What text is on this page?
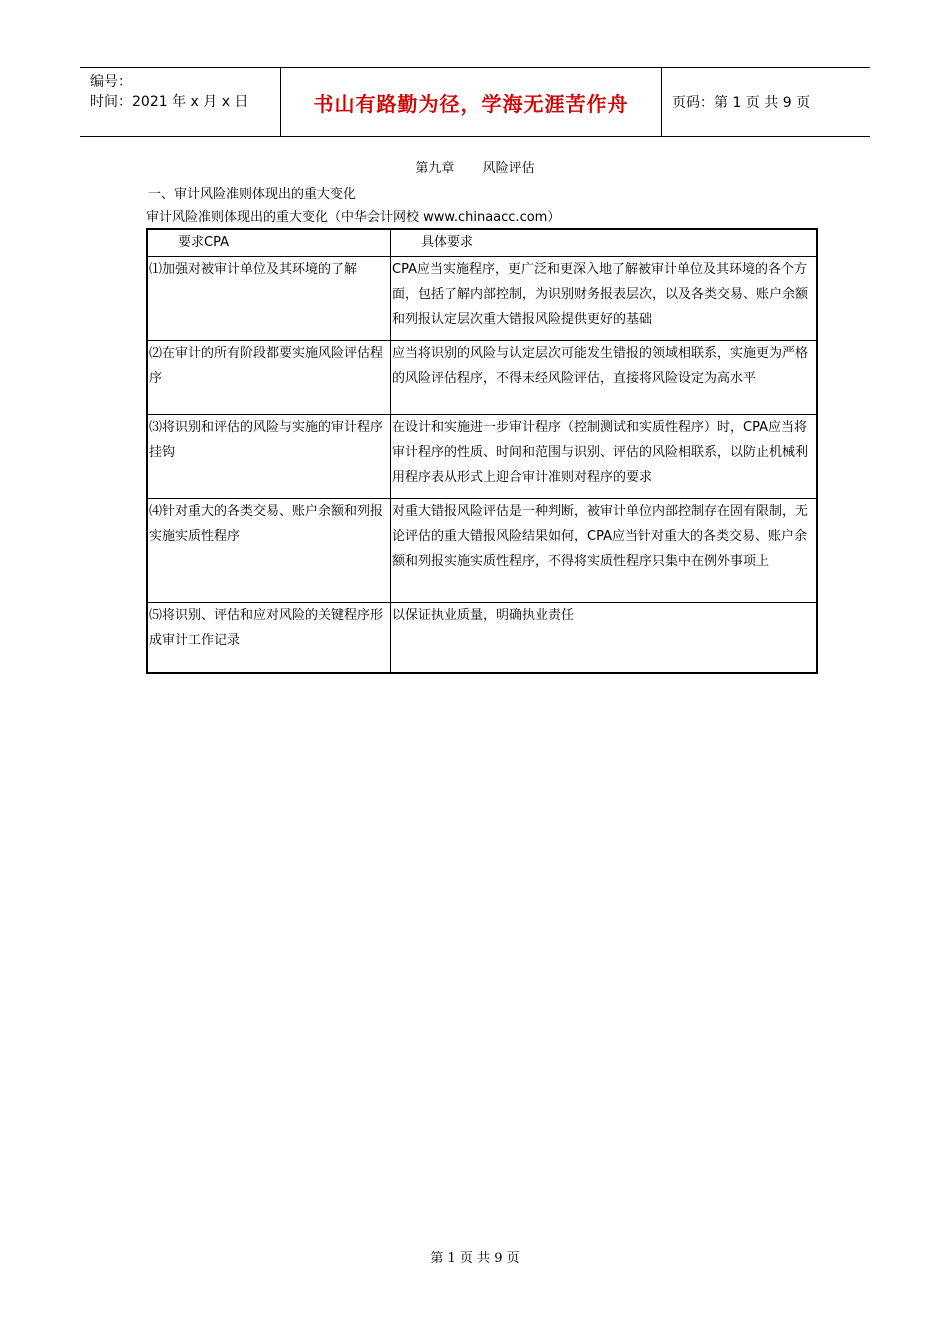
编号：
时间：2021 年 x 月 x 日	书山有路勤为径，学海无涯苦作舟	页码：第 1 页 共 9 页
第九章 风险评估
一、审计风险准则体现出的重大变化
审计风险准则体现出的重大变化（中华会计网校 www.chinaacc.com）
要求CPA	具体要求
⑴加强对被审计单位及其环境的了解	CPA应当实施程序，更广泛和更深入地了解被审计单位及其环境的各个方面，包括了解内部控制，为识别财务报表层次，以及各类交易、账户余额和列报认定层次重大错报风险提供更好的基础
⑵在审计的所有阶段都要实施风险评估程序	应当将识别的风险与认定层次可能发生错报的领域相联系，实施更为严格的风险评估程序，不得未经风险评估，直接将风险设定为高水平
⑶将识别和评估的风险与实施的审计程序挂钩	在设计和实施进一步审计程序（控制测试和实质性程序）时，CPA应当将审计程序的性质、时间和范围与识别、评估的风险相联系，以防止机械利用程序表从形式上迎合审计准则对程序的要求
⑷针对重大的各类交易、账户余额和列报实施实质性程序	对重大错报风险评估是一种判断，被审计单位内部控制存在固有限制，无论评估的重大错报风险结果如何，CPA应当针对重大的各类交易、账户余额和列报实施实质性程序，不得将实质性程序只集中在例外事项上
⑸将识别、评估和应对风险的关键程序形成审计工作记录	以保证执业质量，明确执业责任
第 1 页 共 9 页
